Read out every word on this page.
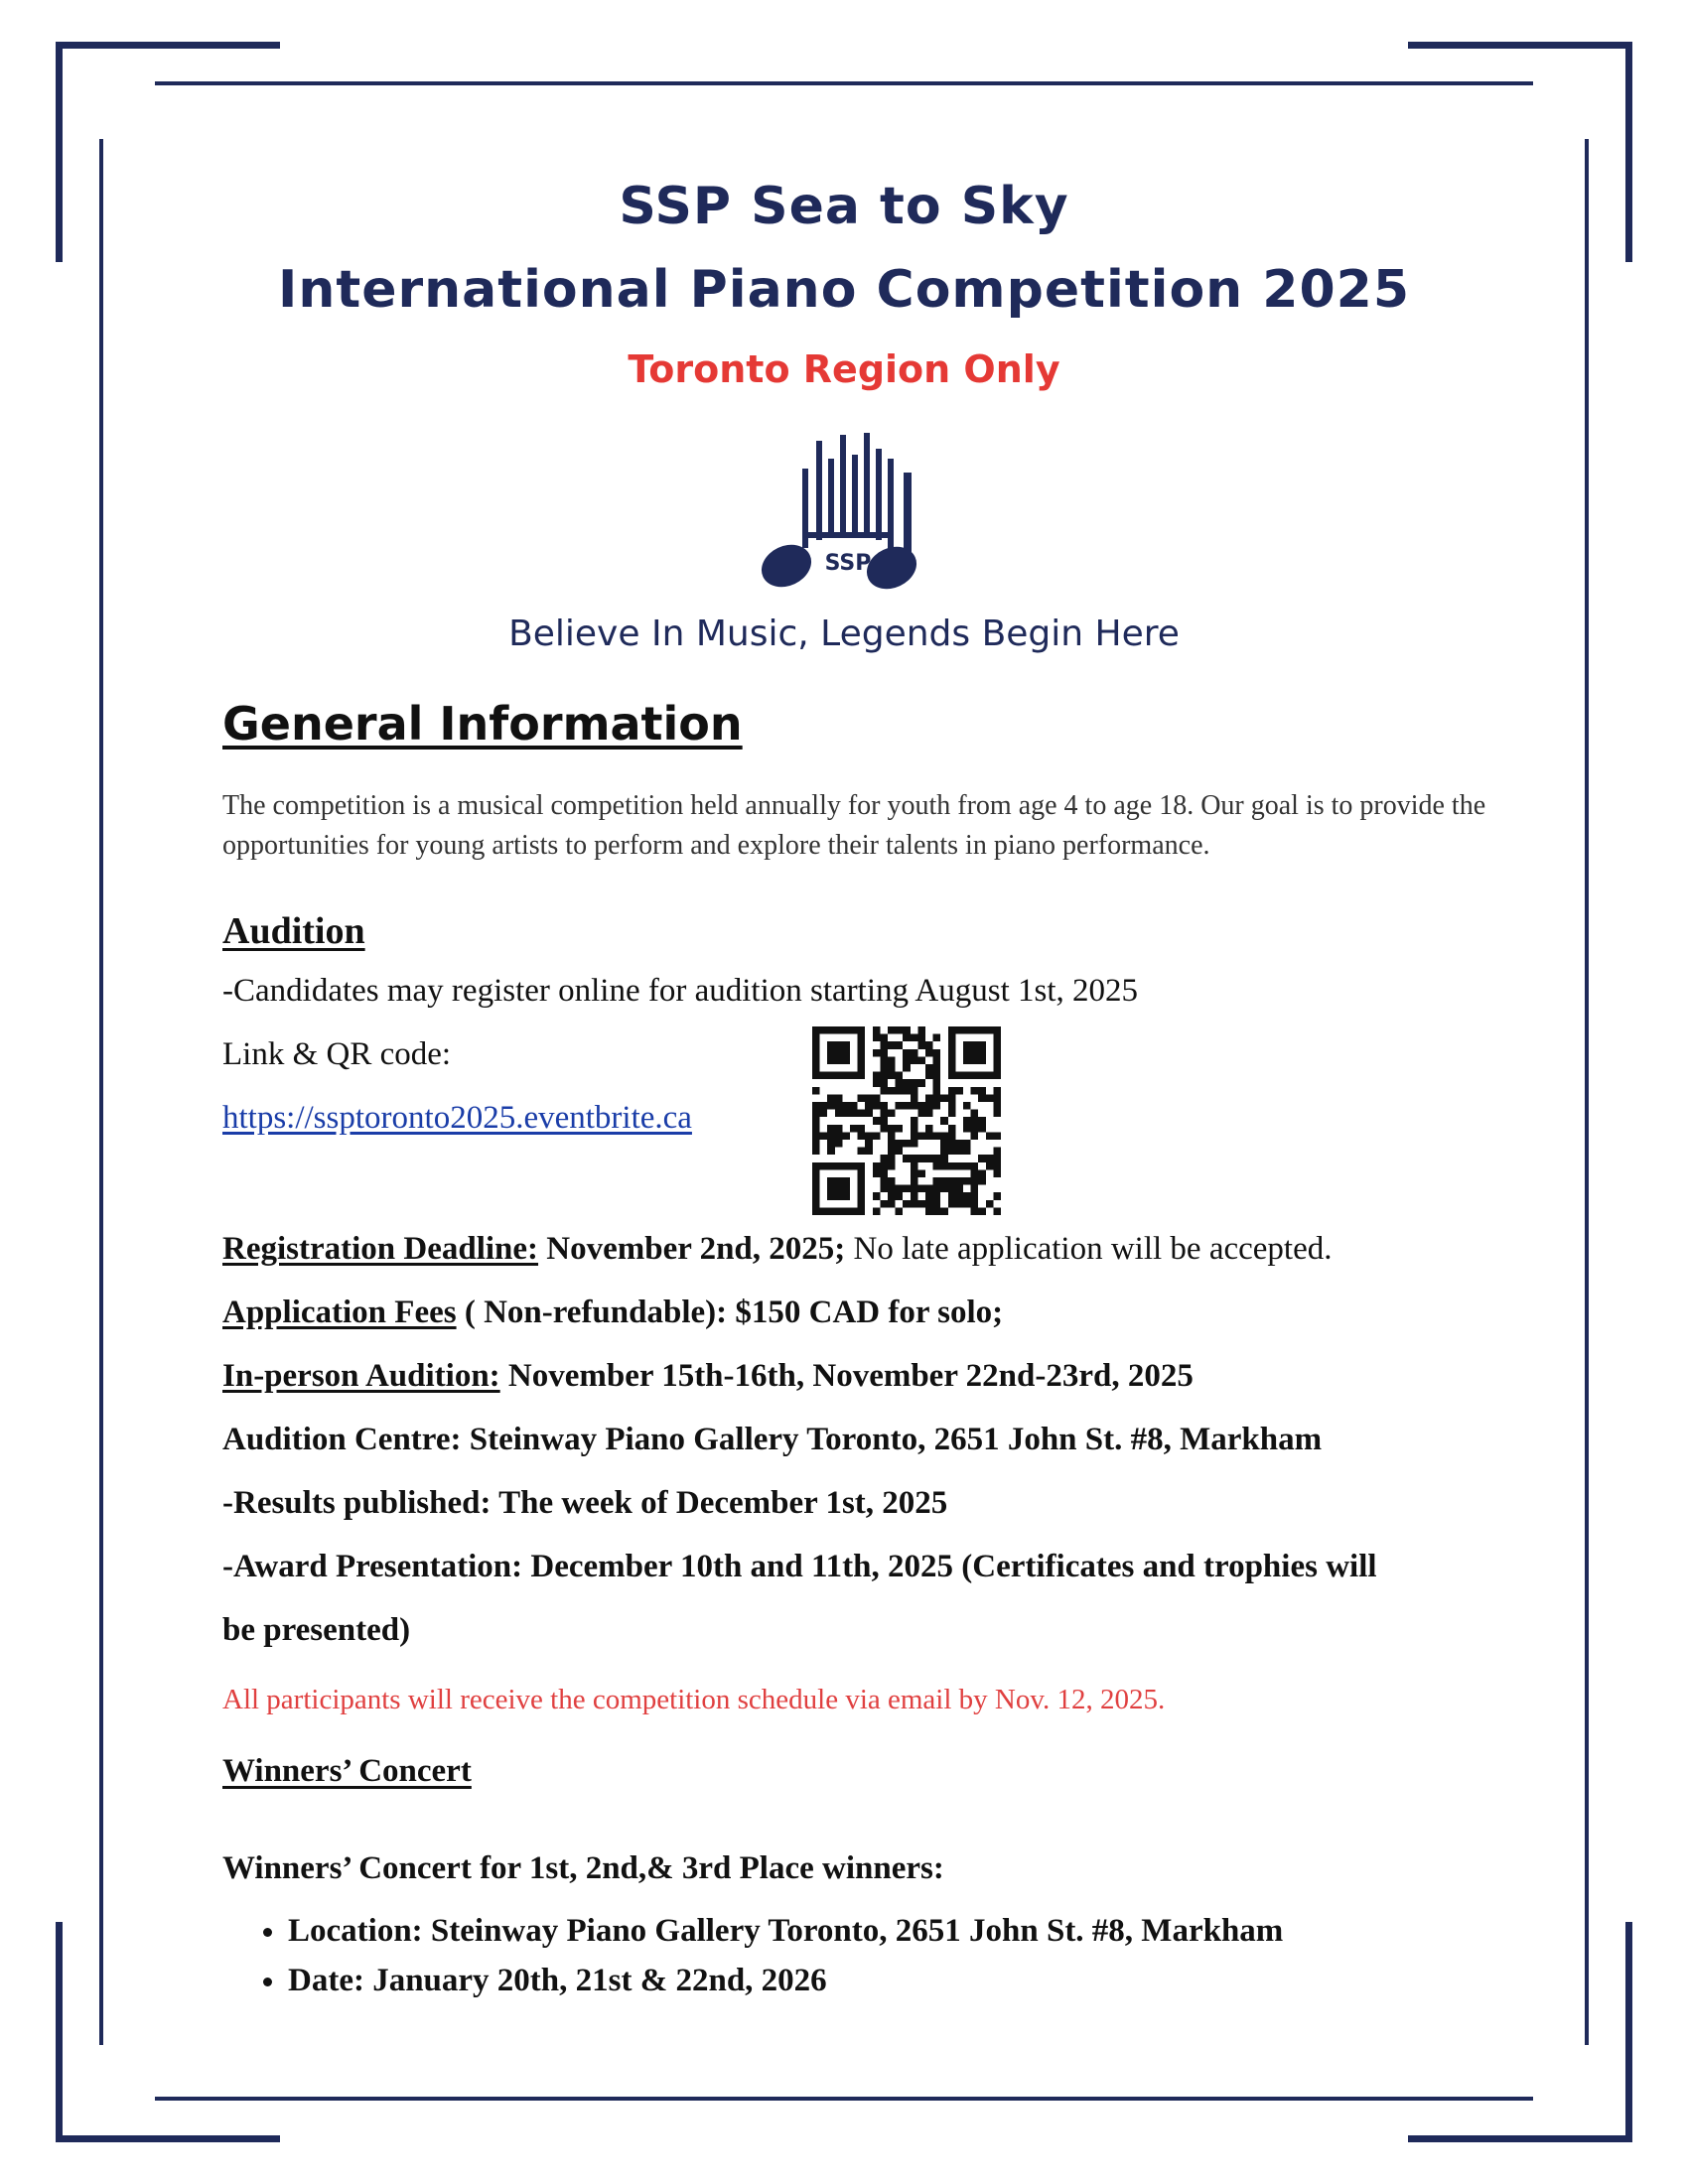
SSP Sea to Sky
International Piano Competition 2025

Toronto Region Only

SSP

Believe In Music, Legends Begin Here

General Information

The competition is a musical competition held annually for youth from age 4 to age 18. Our goal is to provide the opportunities for young artists to perform and explore their talents in piano performance.

Audition

-Candidates may register online for audition starting August 1st, 2025

Link & QR code:

https://ssptoronto2025.eventbrite.ca

Registration Deadline: November 2nd, 2025; No late application will be accepted.

Application Fees ( Non-refundable): $150 CAD for solo;

In-person Audition: November 15th-16th, November 22nd-23rd, 2025

Audition Centre: Steinway Piano Gallery Toronto, 2651 John St. #8, Markham

-Results published: The week of December 1st, 2025

-Award Presentation: December 10th and 11th, 2025 (Certificates and trophies will

be presented)

All participants will receive the competition schedule via email by Nov. 12, 2025.

Winners’ Concert

Winners’ Concert for 1st, 2nd,& 3rd Place winners:

• Location: Steinway Piano Gallery Toronto, 2651 John St. #8, Markham
• Date: January 20th, 21st & 22nd, 2026
